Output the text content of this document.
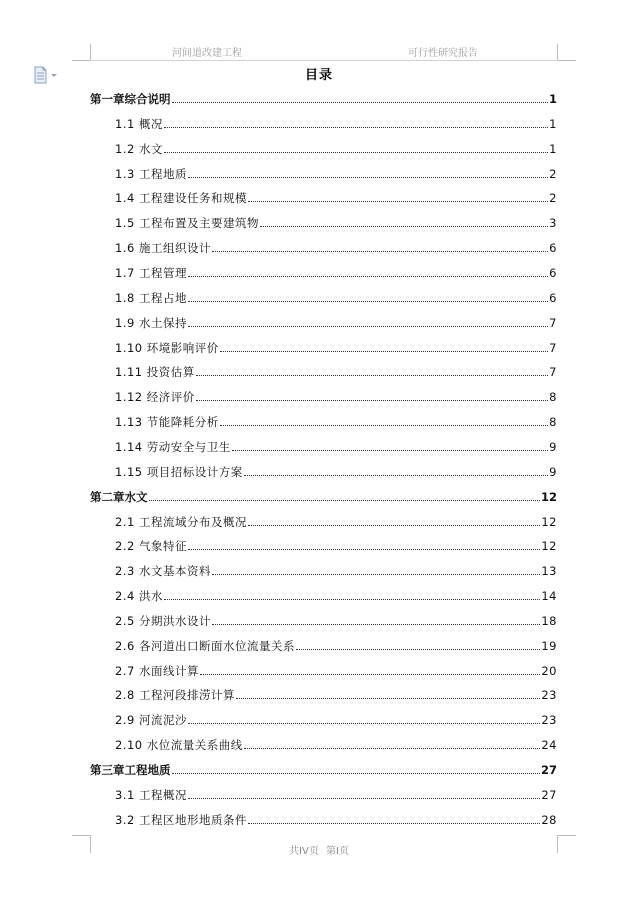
河间道改建工程	可行性研究报告
目录
第一章综合说明	1
1.1 概况	1
1.2 水文	1
1.3 工程地质	2
1.4 工程建设任务和规模	2
1.5 工程布置及主要建筑物	3
1.6 施工组织设计	6
1.7 工程管理	6
1.8 工程占地	6
1.9 水土保持	7
1.10 环境影响评价	7
1.11 投资估算	7
1.12 经济评价	8
1.13 节能降耗分析	8
1.14 劳动安全与卫生	9
1.15 项目招标设计方案	9
第二章水文	12
2.1 工程流域分布及概况	12
2.2 气象特征	12
2.3 水文基本资料	13
2.4 洪水	14
2.5 分期洪水设计	18
2.6 各河道出口断面水位流量关系	19
2.7 水面线计算	20
2.8 工程河段排涝计算	23
2.9 河流泥沙	23
2.10 水位流量关系曲线	24
第三章工程地质	27
3.1 工程概况	27
3.2 工程区地形地质条件	28
共IV页 第I页
